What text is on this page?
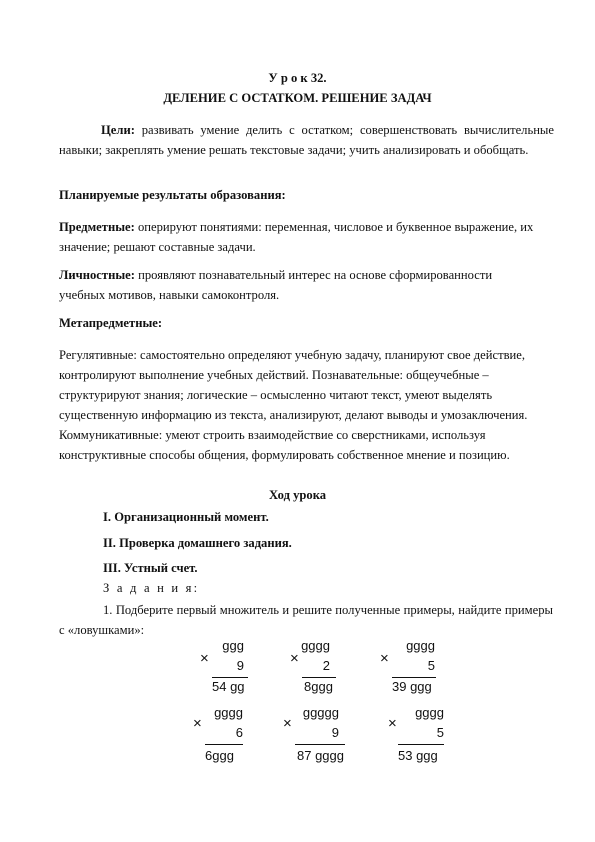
У р о к 32.
ДЕЛЕНИЕ С ОСТАТКОМ. РЕШЕНИЕ ЗАДАЧ
Цели: развивать умение делить с остатком; совершенствовать вычислительные навыки; закреплять умение решать текстовые задачи; учить анализировать и обобщать.
Планируемые результаты образования:
Предметные: оперируют понятиями: переменная, числовое и буквенное выражение, их значение; решают составные задачи.
Личностные: проявляют познавательный интерес на основе сформированности учебных мотивов, навыки самоконтроля.
Метапредметные:
Регулятивные: самостоятельно определяют учебную задачу, планируют свое действие, контролируют выполнение учебных действий. Познавательные: общеучебные – структурируют знания; логические – осмысленно читают текст, умеют выделять существенную информацию из текста, анализируют, делают выводы и умозаключения. Коммуникативные: умеют строить взаимодействие со сверстниками, используя конструктивные способы общения, формулировать собственное мнение и позицию.
Ход урока
I. Организационный момент.
II. Проверка домашнего задания.
III. Устный счет.
З а д а н и я:
1. Подберите первый множитель и решите полученные примеры, найдите примеры с «ловушками»:
×
ggg
9
54 gg
×
gggg
2
8ggg
×
gggg
5
39 ggg
×
gggg
6
6ggg
×
ggggg
9
87 gggg
×
gggg
5
53 ggg
